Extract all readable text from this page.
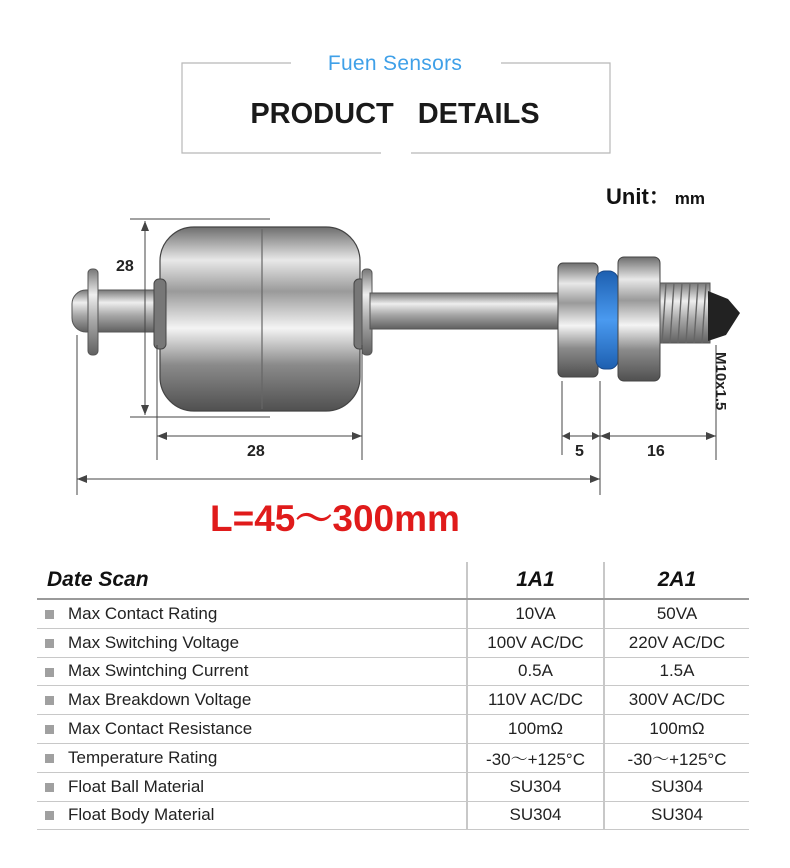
Fuen Sensors
PRODUCT DETAILS
Unit： mm
28
28	5	16
M10x1.5
L=45～300mm
Date Scan	1A1	2A1
Max Contact Rating	10VA	50VA
Max Switching Voltage	100V AC/DC	220V AC/DC
Max Swintching Current	0.5A	1.5A
Max Breakdown Voltage	110V AC/DC	300V AC/DC
Max Contact Resistance	100mΩ	100mΩ
Temperature Rating	-30～+125°C	-30～+125°C
Float Ball Material	SU304	SU304
Float Body Material	SU304	SU304
